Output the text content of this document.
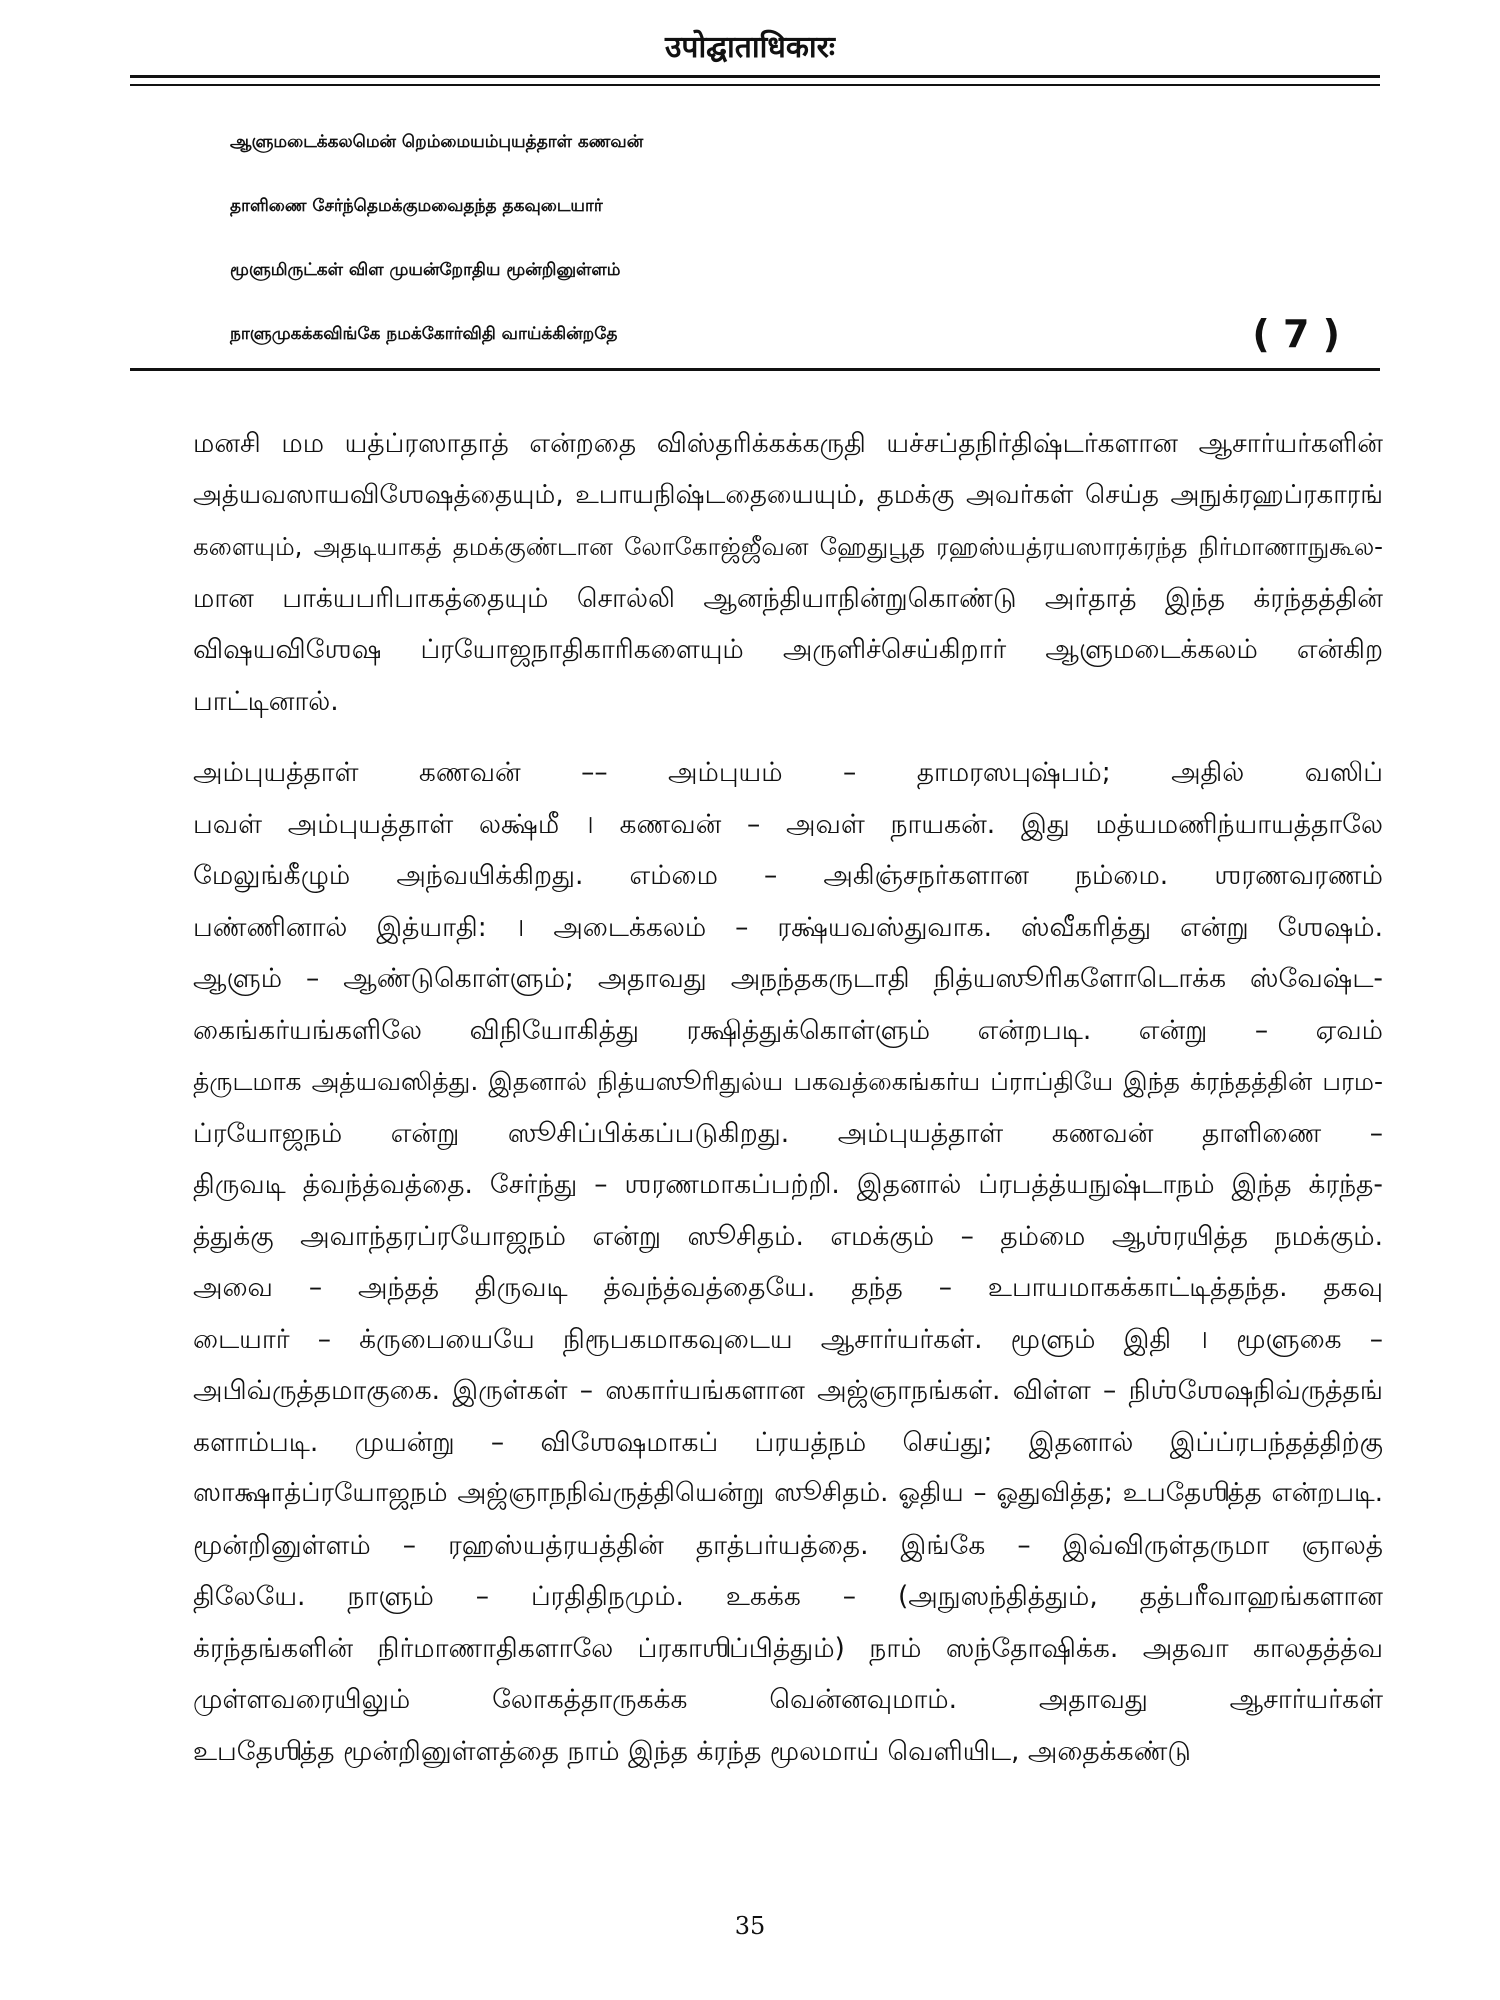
उपोद्घाताधिकारः
ஆளுமடைக்கலமென் றெம்மையம்புயத்தாள் கணவன்
தாளிணை சேர்ந்தெமக்குமவைதந்த தகவுடையார்
மூளுமிருட்கள் விள முயன்றோதிய மூன்றினுள்ளம்
நாளுமுகக்கவிங்கே நமக்கோர்விதி வாய்க்கின்றதே	( 7 )
மனசி மம யத்ப்ரஸாதாத் என்றதை விஸ்தரிக்கக்கருதி யச்சப்தநிர்திஷ்டர்களான ஆசார்யர்களின்
அத்யவஸாயவிஶேஷத்தையும், உபாயநிஷ்டதையையும், தமக்கு அவர்கள் செய்த அநுக்ரஹப்ரகாரங்
களையும், அதடியாகத் தமக்குண்டான லோகோஜ்ஜீவன ஹேதுபூத ரஹஸ்யத்ரயஸாரக்ரந்த நிர்மாணாநுகூல-
மான பாக்யபரிபாகத்தையும் சொல்லி ஆனந்தியாநின்றுகொண்டு அர்தாத் இந்த க்ரந்தத்தின்
விஷயவிஶேஷ ப்ரயோஜநாதிகாரிகளையும் அருளிச்செய்கிறார் ஆளுமடைக்கலம் என்கிற
பாட்டினால்.
அம்புயத்தாள் கணவன் –– அம்புயம் – தாமரஸபுஷ்பம்; அதில் வஸிப்
பவள் அம்புயத்தாள் லக்ஷ்மீ । கணவன் – அவள் நாயகன். இது மத்யமணிந்யாயத்தாலே
மேலுங்கீழும் அந்வயிக்கிறது. எம்மை – அகிஞ்சநர்களான நம்மை. ஶரணவரணம்
பண்ணினால் இத்யாதி: । அடைக்கலம் – ரக்ஷ்யவஸ்துவாக. ஸ்வீகரித்து என்று ஶேஷம்.
ஆளும் – ஆண்டுகொள்ளும்; அதாவது அநந்தகருடாதி நித்யஸூரிகளோடொக்க ஸ்வேஷ்ட-
கைங்கர்யங்களிலே விநியோகித்து ரக்ஷித்துக்கொள்ளும் என்றபடி. என்று – ஏவம்
த்ருடமாக அத்யவஸித்து. இதனால் நித்யஸூரிதுல்ய பகவத்கைங்கர்ய ப்ராப்தியே இந்த க்ரந்தத்தின் பரம-
ப்ரயோஜநம் என்று ஸூசிப்பிக்கப்படுகிறது. அம்புயத்தாள் கணவன் தாளிணை –
திருவடி த்வந்த்வத்தை. சேர்ந்து – ஶரணமாகப்பற்றி. இதனால் ப்ரபத்த்யநுஷ்டாநம் இந்த க்ரந்த-
த்துக்கு அவாந்தரப்ரயோஜநம் என்று ஸூசிதம். எமக்கும் – தம்மை ஆஶ்ரயித்த நமக்கும்.
அவை – அந்தத் திருவடி த்வந்த்வத்தையே. தந்த – உபாயமாகக்காட்டித்தந்த. தகவு
டையார் – க்ருபையையே நிரூபகமாகவுடைய ஆசார்யர்கள். மூளும் இதி । மூளுகை –
அபிவ்ருத்தமாகுகை. இருள்கள் – ஸகார்யங்களான அஜ்ஞாநங்கள். விள்ள – நிஶ்ஶேஷநிவ்ருத்தங்
களாம்படி. முயன்று – விஶேஷமாகப் ப்ரயத்நம் செய்து; இதனால் இப்ப்ரபந்தத்திற்கு
ஸாக்ஷாத்ப்ரயோஜநம் அஜ்ஞாநநிவ்ருத்தியென்று ஸூசிதம். ஓதிய – ஓதுவித்த; உபதேஶித்த என்றபடி.
மூன்றினுள்ளம் – ரஹஸ்யத்ரயத்தின் தாத்பர்யத்தை. இங்கே – இவ்விருள்தருமா ஞாலத்
திலேயே. நாளும் – ப்ரதிதிநமும். உகக்க – (அநுஸந்தித்தும், தத்பரீவாஹங்களான
க்ரந்தங்களின் நிர்மாணாதிகளாலே ப்ரகாஶிப்பித்தும்) நாம் ஸந்தோஷிக்க. அதவா காலதத்த்வ
முள்ளவரையிலும் லோகத்தாருகக்க வென்னவுமாம். அதாவது ஆசார்யர்கள்
உபதேஶித்த மூன்றினுள்ளத்தை நாம் இந்த க்ரந்த மூலமாய் வெளியிட, அதைக்கண்டு
35
